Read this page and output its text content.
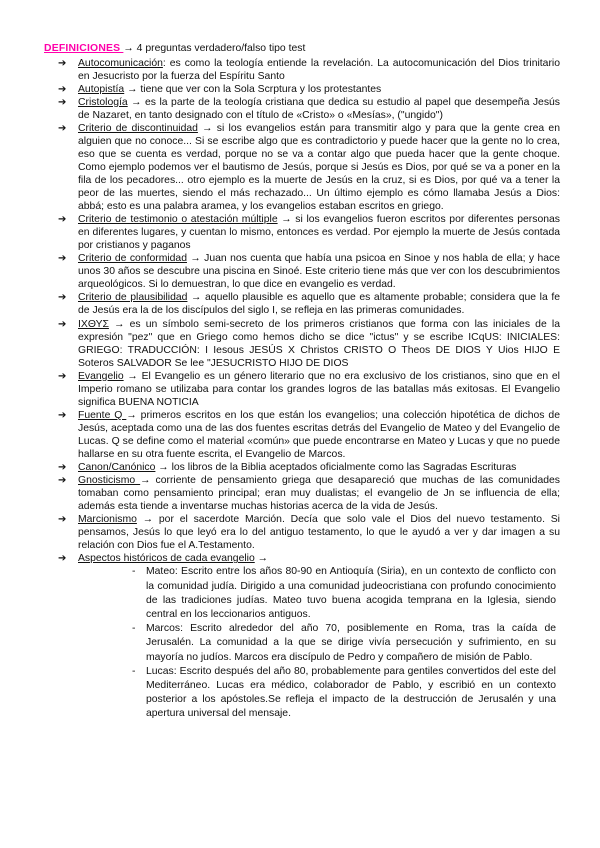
DEFINICIONES → 4 preguntas verdadero/falso tipo test
➔ Autocomunicación: es como la teología entiende la revelación. La autocomunicación del Dios trinitario en Jesucristo por la fuerza del Espíritu Santo
➔ Autopistía → tiene que ver con la Sola Scrptura y los protestantes
➔ Cristología → es la parte de la teología cristiana que dedica su estudio al papel que desempeña Jesús de Nazaret, en tanto designado con el título de «Cristo» o «Mesías», ("ungido")
➔ Criterio de discontinuidad → si los evangelios están para transmitir algo y para que la gente crea en alguien que no conoce... Si se escribe algo que es contradictorio y puede hacer que la gente no lo crea, eso que se cuenta es verdad, porque no se va a contar algo que pueda hacer que la gente choque. Como ejemplo podemos ver el bautismo de Jesús, porque si Jesús es Dios, por qué se va a poner en la fila de los pecadores... otro ejemplo es la muerte de Jesús en la cruz, si es Dios, por qué va a tener la peor de las muertes, siendo el más rechazado... Un último ejemplo es cómo llamaba Jesús a Dios: abbá; esto es una palabra aramea, y los evangelios estaban escritos en griego.
➔ Criterio de testimonio o atestación múltiple → si los evangelios fueron escritos por diferentes personas en diferentes lugares, y cuentan lo mismo, entonces es verdad. Por ejemplo la muerte de Jesús contada por cristianos y paganos
➔ Criterio de conformidad → Juan nos cuenta que había una psicoa en Sinoe y nos habla de ella; y hace unos 30 años se descubre una piscina en Sinoé. Este criterio tiene más que ver con los descubrimientos arqueológicos. Si lo demuestran, lo que dice en evangelio es verdad.
➔ Criterio de plausibilidad → aquello plausible es aquello que es altamente probable; considera que la fe de Jesús era la de los discípulos del siglo I, se refleja en las primeras comunidades.
➔ ΙΧΘΥΣ → es un símbolo semi-secreto de los primeros cristianos que forma con las iniciales de la expresión "pez" que en Griego como hemos dicho se dice "ictus" y se escribe ICqUS: INICIALES: GRIEGO: TRADUCCIÓN: I Iesous JESÚS X Christos CRISTO O Theos DE DIOS Y Uios HIJO E Soteros SALVADOR Se lee "JESUCRISTO HIJO DE DIOS
➔ Evangelio → El Evangelio es un género literario que no era exclusivo de los cristianos, sino que en el Imperio romano se utilizaba para contar los grandes logros de las batallas más exitosas. El Evangelio significa BUENA NOTICIA
➔ Fuente Q → primeros escritos en los que están los evangelios; una colección hipotética de dichos de Jesús, aceptada como una de las dos fuentes escritas detrás del Evangelio de Mateo y del Evangelio de Lucas. Q se define como el material «común» que puede encontrarse en Mateo y Lucas y que no puede hallarse en su otra fuente escrita, el Evangelio de Marcos.
➔ Canon/Canónico → los libros de la Biblia aceptados oficialmente como las Sagradas Escrituras
➔ Gnosticismo → corriente de pensamiento griega que desapareció que muchas de las comunidades tomaban como pensamiento principal; eran muy dualistas; el evangelio de Jn se influencia de ella; además esta tiende a inventarse muchas historias acerca de la vida de Jesús.
➔ Marcionismo → por el sacerdote Marción. Decía que solo vale el Dios del nuevo testamento. Si pensamos, Jesús lo que leyó era lo del antiguo testamento, lo que le ayudó a ver y dar imagen a su relación con Dios fue el A.Testamento.
➔ Aspectos históricos de cada evangelio →
- Mateo: Escrito entre los años 80-90 en Antioquía (Siria), en un contexto de conflicto con la comunidad judía. Dirigido a una comunidad judeocristiana con profundo conocimiento de las tradiciones judías. Mateo tuvo buena acogida temprana en la Iglesia, siendo central en los leccionarios antiguos.
- Marcos: Escrito alrededor del año 70, posiblemente en Roma, tras la caída de Jerusalén. La comunidad a la que se dirige vivía persecución y sufrimiento, en su mayoría no judíos. Marcos era discípulo de Pedro y compañero de misión de Pablo.
- Lucas: Escrito después del año 80, probablemente para gentiles convertidos del este del Mediterráneo. Lucas era médico, colaborador de Pablo, y escribió en un contexto posterior a los apóstoles.Se refleja el impacto de la destrucción de Jerusalén y una apertura universal del mensaje.
